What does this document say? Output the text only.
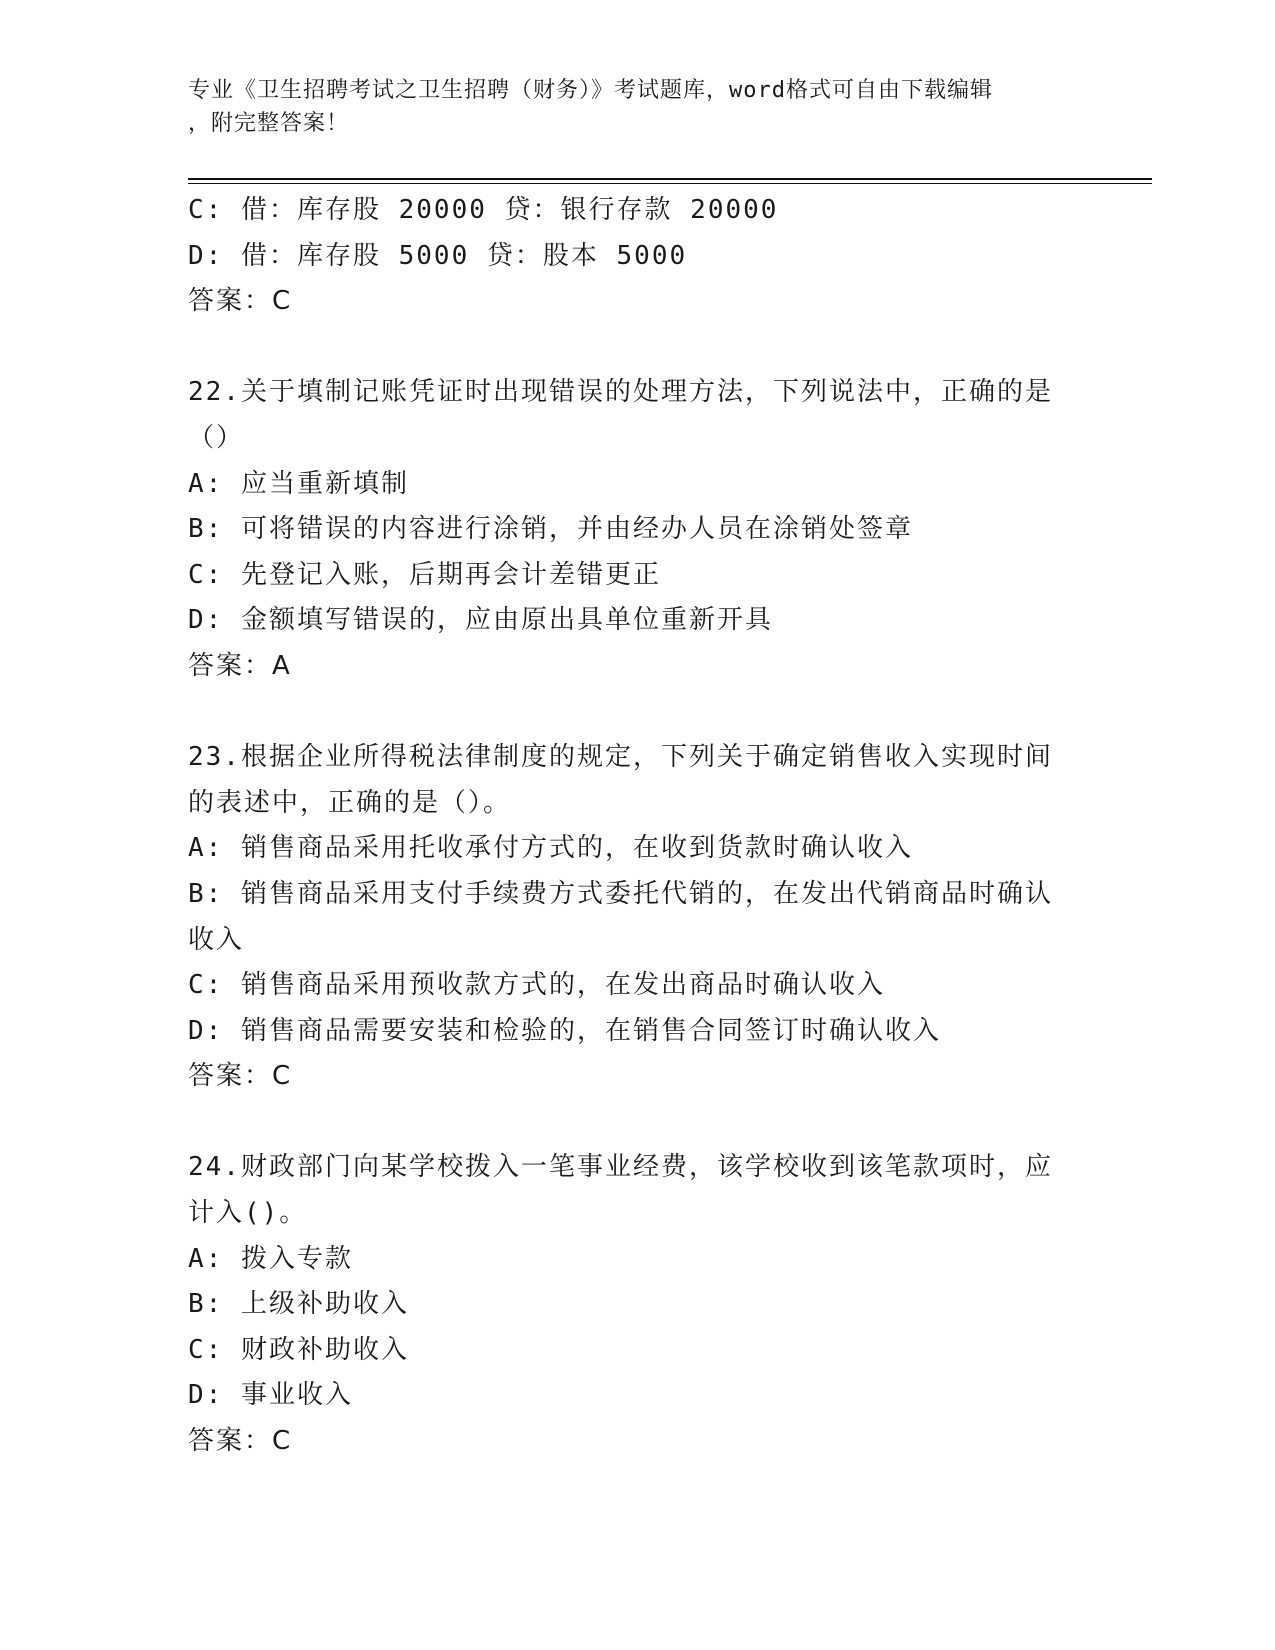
专业《卫生招聘考试之卫生招聘（财务）》考试题库，word格式可自由下载编辑
，附完整答案！
C: 借：库存股 20000 贷：银行存款 20000
D: 借：库存股 5000 贷：股本 5000
答案：C
22.关于填制记账凭证时出现错误的处理方法，下列说法中，正确的是
（）
A: 应当重新填制
B: 可将错误的内容进行涂销，并由经办人员在涂销处签章
C: 先登记入账，后期再会计差错更正
D: 金额填写错误的，应由原出具单位重新开具
答案：A
23.根据企业所得税法律制度的规定，下列关于确定销售收入实现时间
的表述中，正确的是（）。
A: 销售商品采用托收承付方式的，在收到货款时确认收入
B: 销售商品采用支付手续费方式委托代销的，在发出代销商品时确认
收入
C: 销售商品采用预收款方式的，在发出商品时确认收入
D: 销售商品需要安装和检验的，在销售合同签订时确认收入
答案：C
24.财政部门向某学校拨入一笔事业经费，该学校收到该笔款项时，应
计入()。
A: 拨入专款
B: 上级补助收入
C: 财政补助收入
D: 事业收入
答案：C
